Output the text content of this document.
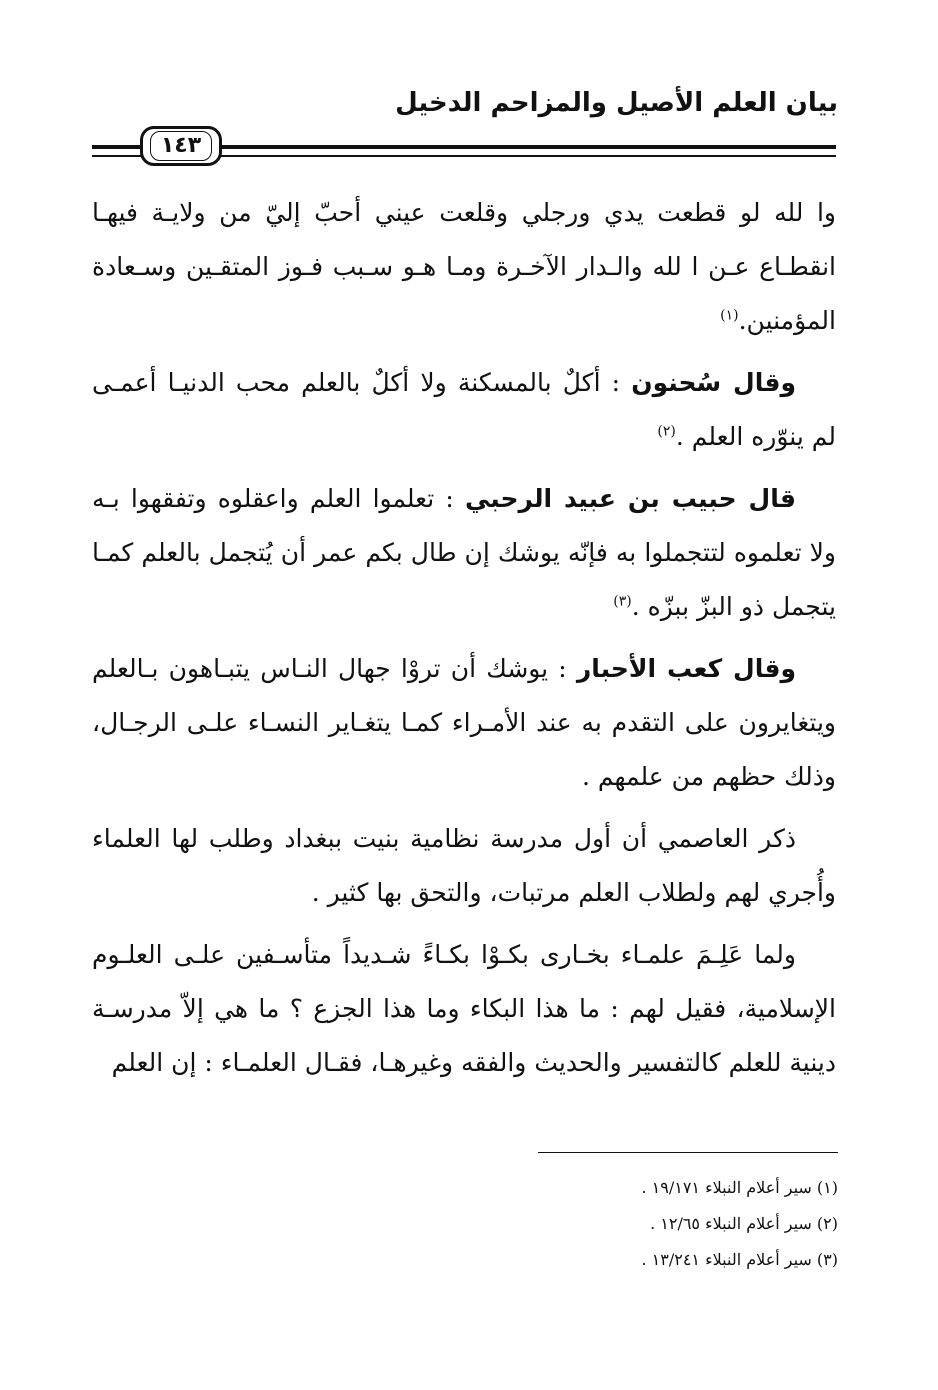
بيان العلم الأصيل والمزاحم الدخيل
١٤٣

وا لله لو قطعت يدي ورجلي وقلعت عيني أحبّ إليّ من ولايـة فيهـا انقطـاع عـن ا لله والـدار الآخـرة ومـا هـو سـبب فـوز المتقـين وسـعادة المؤمنين.$^{(١)}$

وقال سُحنون : أكلٌ بالمسكنة ولا أكلٌ بالعلم محب الدنيـا أعمـى لم ينوّره العلم .$^{(٢)}$

قال حبيب بن عبيد الرحبي : تعلموا العلم واعقلوه وتفقهوا بـه ولا تعلموه لتتجملوا به فإنّه يوشك إن طال بكم عمر أن يُتجمل بالعلم كمـا يتجمل ذو البزّ ببزّه .$^{(٣)}$

وقال كعب الأحبار : يوشك أن تروْا جهال النـاس يتبـاهون بـالعلم ويتغايرون على التقدم به عند الأمـراء كمـا يتغـاير النسـاء علـى الرجـال، وذلك حظهم من علمهم .

ذكر العاصمي أن أول مدرسة نظامية بنيت ببغداد وطلب لها العلماء وأُجري لهم ولطلاب العلم مرتبات، والتحق بها كثير .

ولما عَلِـمَ علمـاء بخـارى بكـوْا بكـاءً شـديداً متأسـفين علـى العلـوم الإسلامية، فقيل لهم : ما هذا البكاء وما هذا الجزع ؟ ما هي إلاّ مدرسـة دينية للعلم كالتفسير والحديث والفقه وغيرهـا، فقـال العلمـاء : إن العلم

(١) سير أعلام النبلاء ١٩/١٧١ .
(٢) سير أعلام النبلاء ١٢/٦٥ .
(٣) سير أعلام النبلاء ١٣/٢٤١ .
